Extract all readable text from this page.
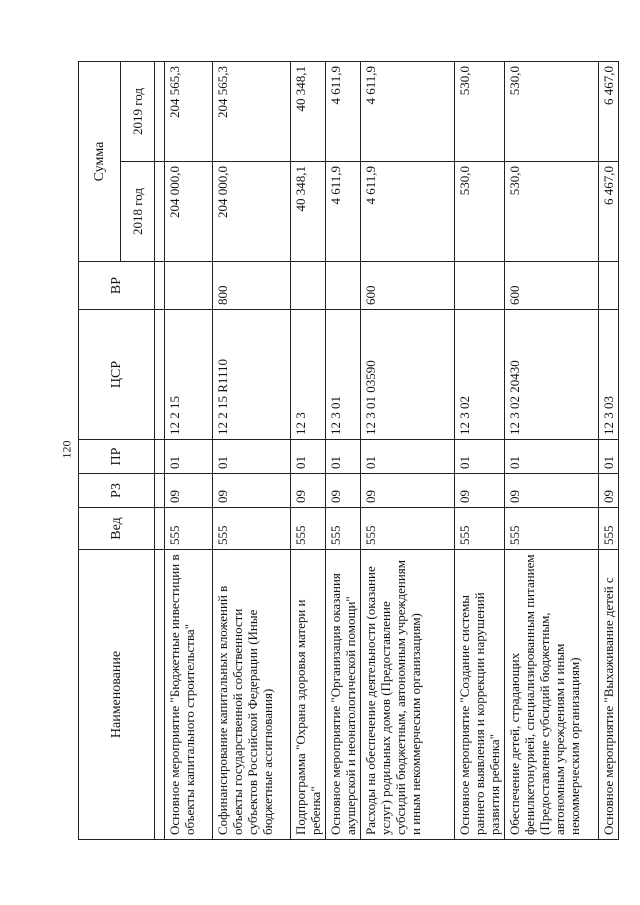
120
Наименование	Вед	РЗ	ПР	ЦСР	ВР	Сумма	
						2018 год	2019 год

Основное мероприятие "Бюджетные инвестиции в объекты капитального строительства"	555	09	01	12 2 15		204 000,0	204 565,3
Софинансирование капитальных вложений в объекты государственной собственности субъектов Российской Федерации (Иные бюджетные ассигнования)	555	09	01	12 2 15 R1110	800	204 000,0	204 565,3
Подпрограмма "Охрана здоровья матери и ребенка"	555	09	01	12 3		40 348,1	40 348,1
Основное мероприятие "Организация оказания акушерской и неонатологической помощи"	555	09	01	12 3 01		4 611,9	4 611,9
Расходы на обеспечение деятельности (оказание услуг) родильных домов (Предоставление субсидий бюджетным, автономным учреждениям и иным некоммерческим организациям)	555	09	01	12 3 01 03590	600	4 611,9	4 611,9
Основное мероприятие "Создание системы раннего выявления и коррекции нарушений развития ребенка"	555	09	01	12 3 02		530,0	530,0
Обеспечение детей, страдающих фенилкетонурией, специализированным питанием (Предоставление субсидий бюджетным, автономным учреждениям и иным некоммерческим организациям)	555	09	01	12 3 02 20430	600	530,0	530,0
Основное мероприятие "Выхаживание детей с	555	09	01	12 3 03		6 467,0	6 467,0
